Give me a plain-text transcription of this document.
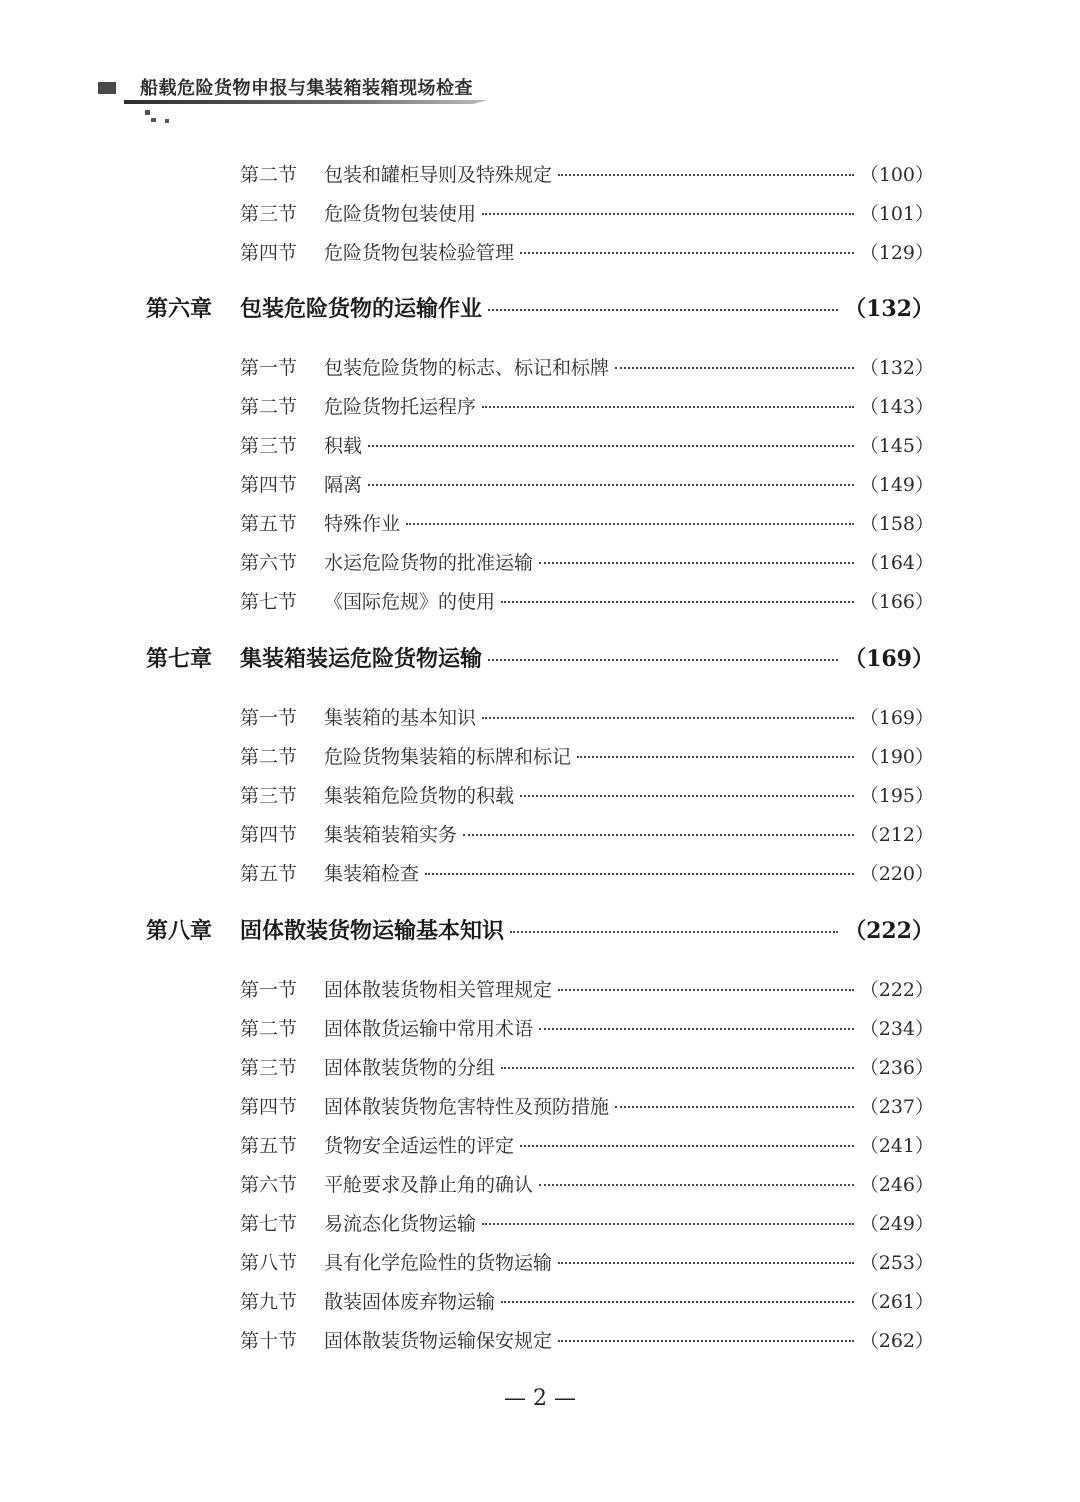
船载危险货物申报与集装箱装箱现场检查
第二节	包装和罐柜导则及特殊规定	（100）
第三节	危险货物包装使用	（101）
第四节	危险货物包装检验管理	（129）
第六章	包装危险货物的运输作业	（132）
第一节	包装危险货物的标志、标记和标牌	（132）
第二节	危险货物托运程序	（143）
第三节	积载	（145）
第四节	隔离	（149）
第五节	特殊作业	（158）
第六节	水运危险货物的批准运输	（164）
第七节	《国际危规》的使用	（166）
第七章	集装箱装运危险货物运输	（169）
第一节	集装箱的基本知识	（169）
第二节	危险货物集装箱的标牌和标记	（190）
第三节	集装箱危险货物的积载	（195）
第四节	集装箱装箱实务	（212）
第五节	集装箱检查	（220）
第八章	固体散装货物运输基本知识	（222）
第一节	固体散装货物相关管理规定	（222）
第二节	固体散货运输中常用术语	（234）
第三节	固体散装货物的分组	（236）
第四节	固体散装货物危害特性及预防措施	（237）
第五节	货物安全适运性的评定	（241）
第六节	平舱要求及静止角的确认	（246）
第七节	易流态化货物运输	（249）
第八节	具有化学危险性的货物运输	（253）
第九节	散装固体废弃物运输	（261）
第十节	固体散装货物运输保安规定	（262）
— 2 —
